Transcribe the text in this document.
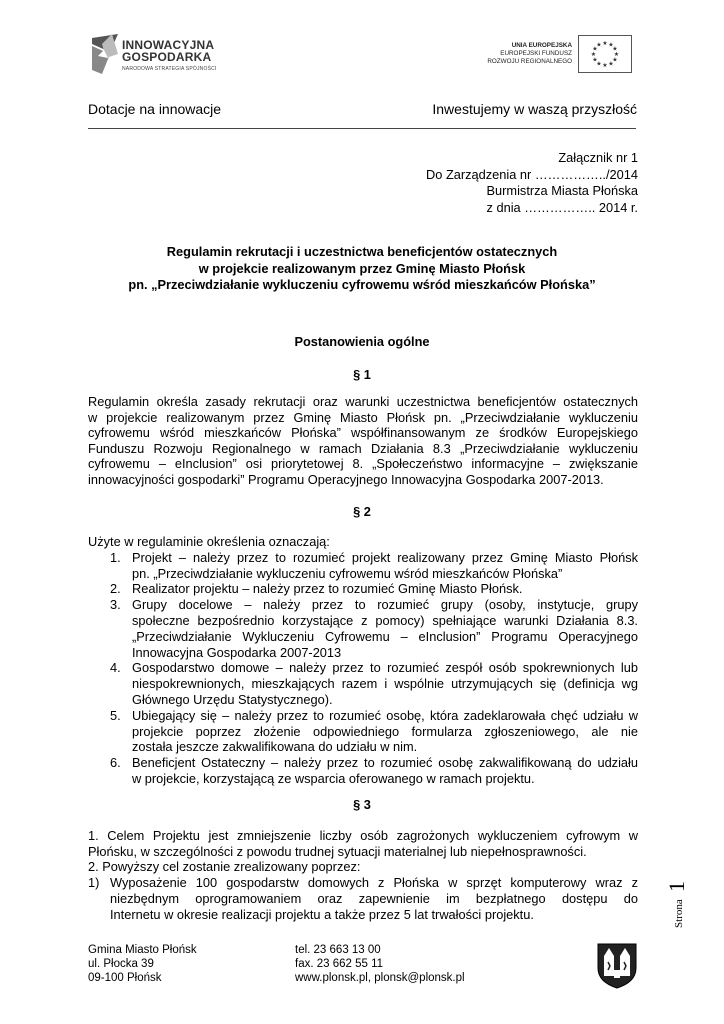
INNOWACYJNA
GOSPODARKA
NARODOWA STRATEGIA SPÓJNOŚCI
UNIA EUROPEJSKA
EUROPEJSKI FUNDUSZ
ROZWOJU REGIONALNEGO
★ ★
★
★
★
★
★
★
★
★
★
★
Dotacje na innowacje	Inwestujemy w waszą przyszłość
Załącznik nr 1
Do Zarządzenia nr ……………../2014
Burmistrza Miasta Płońska
z dnia …………….. 2014 r.
Regulamin rekrutacji i uczestnictwa beneficjentów ostatecznych
w projekcie realizowanym przez Gminę Miasto Płońsk
pn. „Przeciwdziałanie wykluczeniu cyfrowemu wśród mieszkańców Płońska”
Postanowienia ogólne
§ 1
Regulamin określa zasady rekrutacji oraz warunki uczestnictwa beneficjentów ostatecznych
w projekcie realizowanym przez Gminę Miasto Płońsk pn. „Przeciwdziałanie wykluczeniu
cyfrowemu wśród mieszkańców Płońska” współfinansowanym ze środków Europejskiego
Funduszu Rozwoju Regionalnego w ramach Działania 8.3 „Przeciwdziałanie wykluczeniu
cyfrowemu – eInclusion” osi priorytetowej 8. „Społeczeństwo informacyjne – zwiększanie
innowacyjności gospodarki” Programu Operacyjnego Innowacyjna Gospodarka 2007-2013.
§ 2
Użyte w regulaminie określenia oznaczają:
1. Projekt – należy przez to rozumieć projekt realizowany przez Gminę Miasto Płońsk
pn. „Przeciwdziałanie wykluczeniu cyfrowemu wśród mieszkańców Płońska”
2. Realizator projektu – należy przez to rozumieć Gminę Miasto Płońsk.
3. Grupy docelowe – należy przez to rozumieć grupy (osoby, instytucje, grupy
społeczne bezpośrednio korzystające z pomocy) spełniające warunki Działania 8.3.
„Przeciwdziałanie Wykluczeniu Cyfrowemu – eInclusion” Programu Operacyjnego
Innowacyjna Gospodarka 2007-2013
4. Gospodarstwo domowe – należy przez to rozumieć zespół osób spokrewnionych lub
niespokrewnionych, mieszkających razem i wspólnie utrzymujących się (definicja wg
Głównego Urzędu Statystycznego).
5. Ubiegający się – należy przez to rozumieć osobę, która zadeklarowała chęć udziału w
projekcie poprzez złożenie odpowiedniego formularza zgłoszeniowego, ale nie
została jeszcze zakwalifikowana do udziału w nim.
6. Beneficjent Ostateczny – należy przez to rozumieć osobę zakwalifikowaną do udziału
w projekcie, korzystającą ze wsparcia oferowanego w ramach projektu.
§ 3
1. Celem Projektu jest zmniejszenie liczby osób zagrożonych wykluczeniem cyfrowym w
Płońsku, w szczególności z powodu trudnej sytuacji materialnej lub niepełnosprawności.
2. Powyższy cel zostanie zrealizowany poprzez:
1) Wyposażenie 100 gospodarstw domowych z Płońska w sprzęt komputerowy wraz z
niezbędnym oprogramowaniem oraz zapewnienie im bezpłatnego dostępu do
Internetu w okresie realizacji projektu a także przez 5 lat trwałości projektu.	Strona
1
Gmina Miasto Płońsk
ul. Płocka 39
09-100 Płońsk
tel. 23 663 13 00
fax. 23 662 55 11
www.plonsk.pl, plonsk@plonsk.pl
